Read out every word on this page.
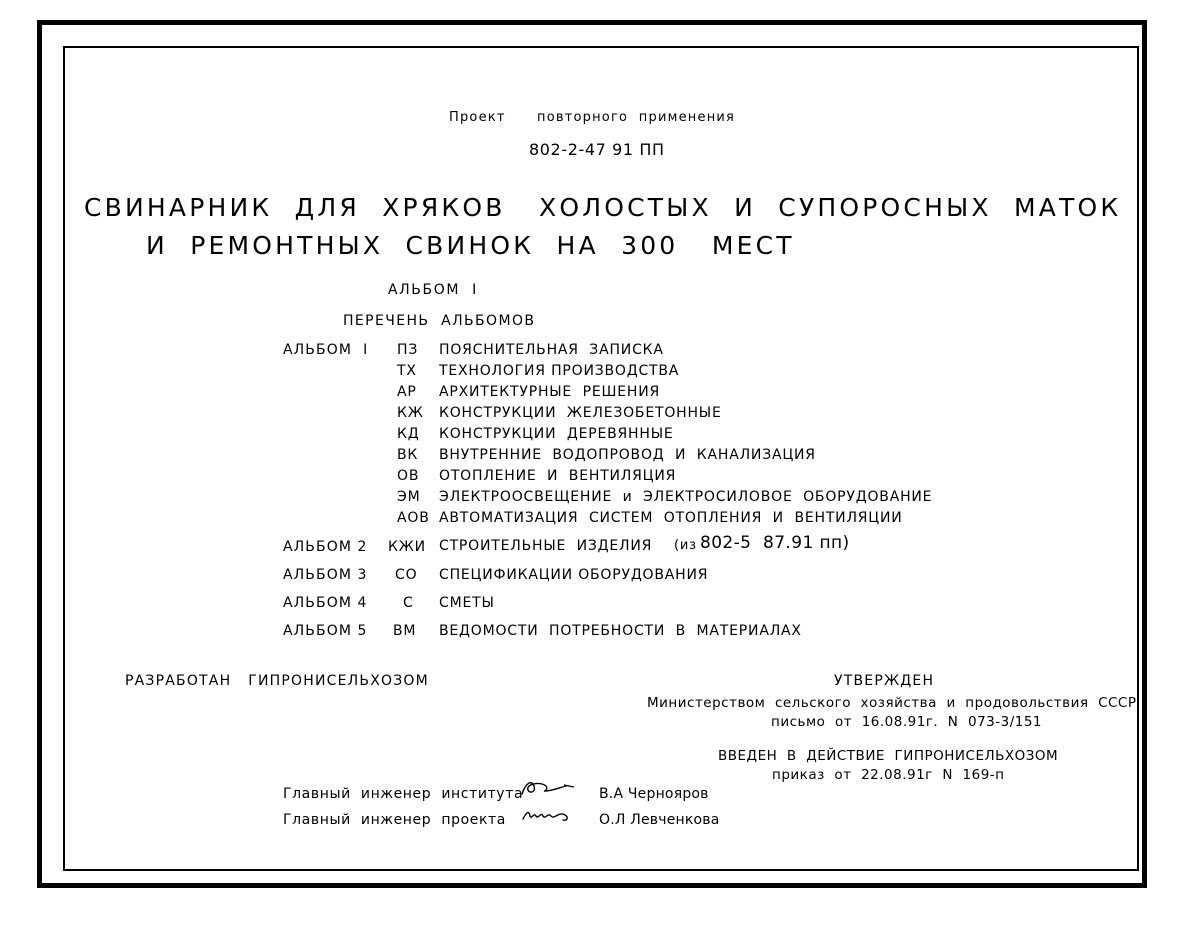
Проект повторного  применения
802-2-47 91 ПП
СВИНАРНИК  ДЛЯ  ХРЯКОВ   ХОЛОСТЫХ  И  СУПОРОСНЫХ  МАТОК
И  РЕМОНТНЫХ  СВИНОК  НА  300   МЕСТ
АЛЬБОМ  I
ПЕРЕЧЕНЬ  АЛЬБОМОВ
АЛЬБОМ  I ПЗ ПОЯСНИТЕЛЬНАЯ  ЗАПИСКА
ТХ ТЕХНОЛОГИЯ ПРОИЗВОДСТВА
АР АРХИТЕКТУРНЫЕ  РЕШЕНИЯ
КЖ КОНСТРУКЦИИ  ЖЕЛЕЗОБЕТОННЫЕ
КД КОНСТРУКЦИИ  ДЕРЕВЯННЫЕ
ВК ВНУТРЕННИЕ  ВОДОПРОВОД  И  КАНАЛИЗАЦИЯ
ОВ ОТОПЛЕНИЕ  И  ВЕНТИЛЯЦИЯ
ЭМ ЭЛЕКТРООСВЕЩЕНИЕ  и  ЭЛЕКТРОСИЛОВОЕ  ОБОРУДОВАНИЕ
АОВ АВТОМАТИЗАЦИЯ  СИСТЕМ  ОТОПЛЕНИЯ  И  ВЕНТИЛЯЦИИ
АЛЬБОМ 2 КЖИ СТРОИТЕЛЬНЫЕ  ИЗДЕЛИЯ (из 802-5  87.91 пп)
АЛЬБОМ 3 СО СПЕЦИФИКАЦИИ ОБОРУДОВАНИЯ
АЛЬБОМ 4	С СМЕТЫ
АЛЬБОМ 5 ВМ ВЕДОМОСТИ  ПОТРЕБНОСТИ  В  МАТЕРИАЛАХ
РАЗРАБОТАН   ГИПРОНИСЕЛЬХОЗОМ	УТВЕРЖДЕН
Министерством  сельского  хозяйства  и  продовольствия  СССР
письмо  от  16.08.91г.  N  073-3/151
ВВЕДЕН  В  ДЕЙСТВИЕ  ГИПРОНИСЕЛЬХОЗОМ
приказ  от  22.08.91г  N  169-п
Главный  инженер  института	В.А Чернояров
Главный  инженер  проекта	О.Л Левченкова
